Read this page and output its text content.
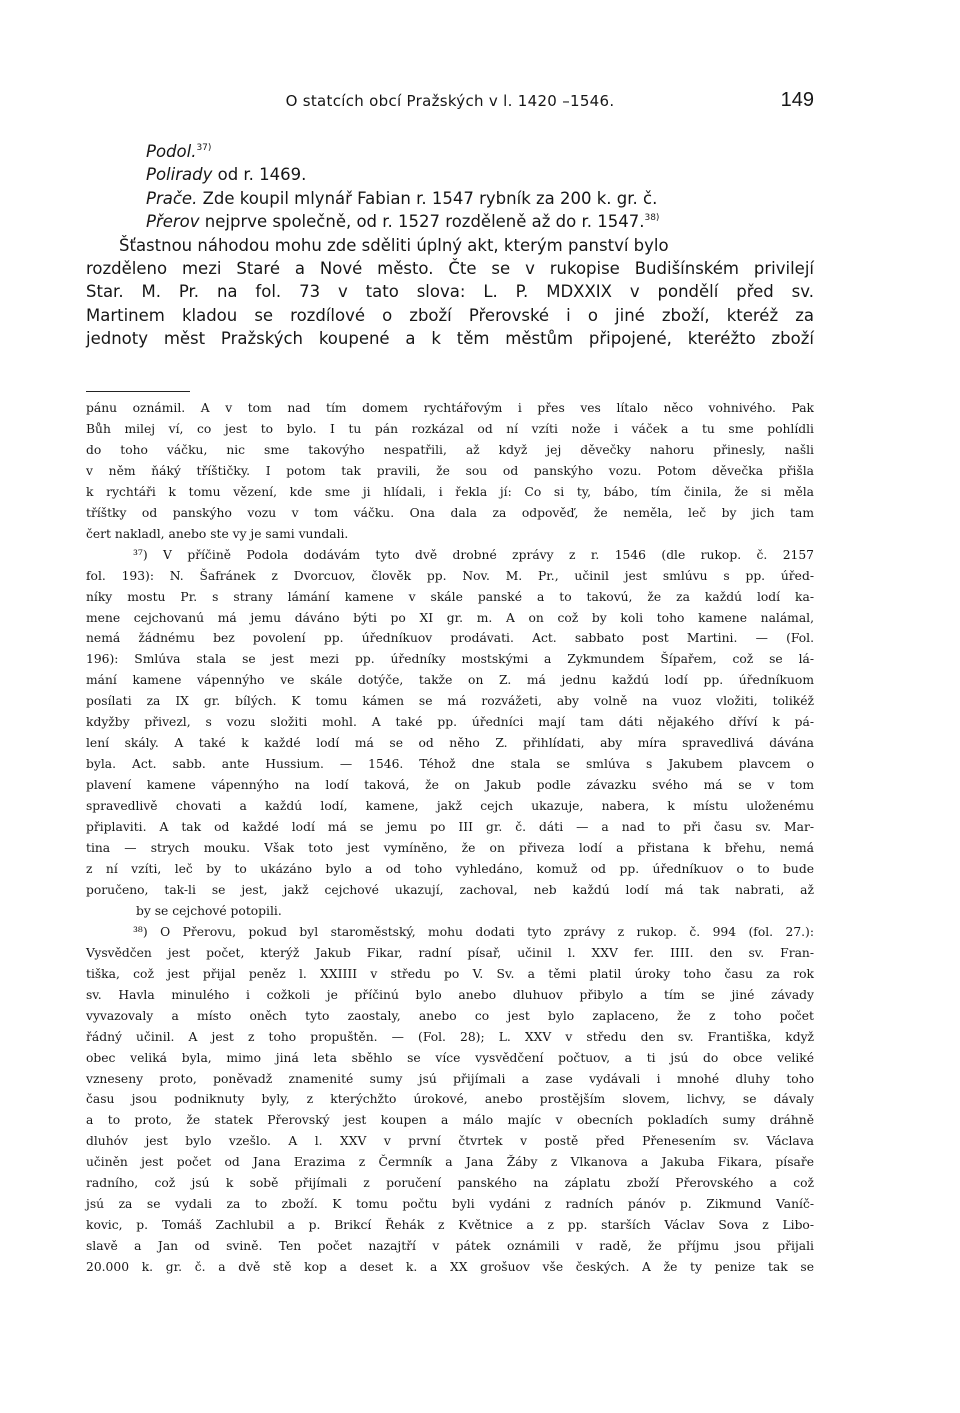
O statcích obcí Pražských v l. 1420 –1546.	149
Podol.$^{37)}$
Polirady od r. 1469.
Prače. Zde koupil mlynář Fabian r. 1547 rybník za 200 k. gr. č.
Přerov nejprve společně, od r. 1527 rozděleně až do r. 1547.$^{38)}$
Šťastnou náhodou mohu zde sděliti úplný akt, kterým panství bylo
rozděleno mezi Staré a Nové město. Čte se v rukopise Budišínském privilejí
Star. M. Pr. na fol. 73 v tato slova: L. P. MDXXIX v pondělí před sv.
Martinem kladou se rozdílové o zboží Přerovské i o jiné zboží, kteréž za
jednoty měst Pražských koupené a k těm městům připojené, kteréžto zboží
pánu oznámil. A v tom nad tím domem rychtářovým i přes ves lítalo něco vohnivého. Pak
Bůh milej ví, co jest to bylo. I tu pán rozkázal od ní vzíti nože i váček a tu sme pohlídli
do toho váčku, nic sme takovýho nespatřili, až když jej děvečky nahoru přinesly, našli
v něm ňáký tříštičky. I potom tak pravili, že sou od panskýho vozu. Potom děvečka přišla
k rychtáři k tomu vězení, kde sme ji hlídali, i řekla jí: Co si ty, bábo, tím činila, že si měla
tříštky od panskýho vozu v tom váčku. Ona dala za odpověď, že neměla, leč by jich tam
čert nakladl, anebo ste vy je sami vundali.
³⁷) V příčině Podola dodávám tyto dvě drobné zprávy z r. 1546 (dle rukop. č. 2157
fol. 193): N. Šafránek z Dvorcuov, člověk pp. Nov. M. Pr., učinil jest smlúvu s pp. úřed-
níky mostu Pr. s strany lámání kamene v skále panské a to takovú, že za každú lodí ka-
mene cejchovanú má jemu dáváno býti po XI gr. m. A on což by koli toho kamene nalámal,
nemá žádnému bez povolení pp. úředníkuov prodávati. Act. sabbato post Martini. — (Fol.
196): Smlúva stala se jest mezi pp. úředníky mostskými a Zykmundem Šípařem, což se lá-
mání kamene vápennýho ve skále dotýče, takže on Z. má jednu každú lodí pp. úředníkuom
posílati za IX gr. bílých. K tomu kámen se má rozvážeti, aby volně na vuoz vložiti, tolikéž
kdyžby přivezl, s vozu složiti mohl. A také pp. úředníci mají tam dáti nějakého dříví k pá-
lení skály. A také k každé lodí má se od něho Z. přihlídati, aby míra spravedlivá dávána
byla. Act. sabb. ante Hussium. — 1546. Téhož dne stala se smlúva s Jakubem plavcem o
plavení kamene vápennýho na lodí taková, že on Jakub podle závazku svého má se v tom
spravedlivě chovati a každú lodí, kamene, jakž cejch ukazuje, nabera, k místu uloženému
připlaviti. A tak od každé lodí má se jemu po III gr. č. dáti — a nad to při času sv. Mar-
tina — strych mouku. Však toto jest vymíněno, že on přiveza lodí a přistana k břehu, nemá
z ní vzíti, leč by to ukázáno bylo a od toho vyhledáno, komuž od pp. úředníkuov o to bude
poručeno, tak-li se jest, jakž cejchové ukazují, zachoval, neb každú lodí má tak nabrati, až
by se cejchové potopili.
³⁸) O Přerovu, pokud byl staroměstský, mohu dodati tyto zprávy z rukop. č. 994 (fol. 27.):
Vysvědčen jest počet, kterýž Jakub Fikar, radní písař, učinil l. XXV fer. IIII. den sv. Fran-
tiška, což jest přijal peněz l. XXIIII v středu po V. Sv. a těmi platil úroky toho času za rok
sv. Havla minulého i cožkoli je příčinú bylo anebo dluhuov přibylo a tím se jiné závady
vyvazovaly a místo oněch tyto zaostaly, anebo co jest bylo zaplaceno, že z toho počet
řádný učinil. A jest z toho propuštěn. — (Fol. 28); L. XXV v středu den sv. Františka, když
obec veliká byla, mimo jiná leta sběhlo se více vysvědčení počtuov, a ti jsú do obce veliké
vzneseny proto, poněvadž znamenité sumy jsú přijímali a zase vydávali i mnohé dluhy toho
času jsou podniknuty byly, z kterýchžto úrokové, anebo prostějším slovem, lichvy, se dávaly
a to proto, že statek Přerovský jest koupen a málo majíc v obecních pokladích sumy dráhně
dluhóv jest bylo vzešlo. A l. XXV v první čtvrtek v postě před Přenesením sv. Václava
učiněn jest počet od Jana Erazima z Čermník a Jana Žáby z Vlkanova a Jakuba Fikara, písaře
radního, což jsú k sobě přijímali z poručení panského na záplatu zboží Přerovského a což
jsú za se vydali za to zboží. K tomu počtu byli vydáni z radních pánóv p. Zikmund Vaníč-
kovic, p. Tomáš Zachlubil a p. Brikcí Řehák z Květnice a z pp. starších Václav Sova z Libo-
slavě a Jan od svině. Ten počet nazajtří v pátek oznámili v radě, že příjmu jsou přijali
20.000 k. gr. č. a dvě stě kop a deset k. a XX grošuov vše českých. A že ty penize tak se
